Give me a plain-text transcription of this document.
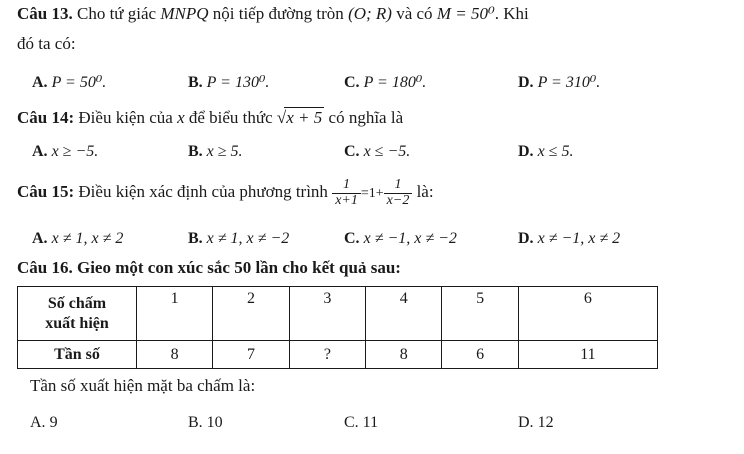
Câu 13. Cho tứ giác MNPQ nội tiếp đường tròn (O; R) và có M = 50⁰. Khi
đó ta có:
A. P = 50⁰.	B. P = 130⁰.	C. P = 180⁰.	D. P = 310⁰.
Câu 14: Điều kiện của x để biểu thức √x + 5 có nghĩa là
A. x ≥ −5.	B. x ≥ 5.	C. x ≤ −5.	D. x ≤ 5.
Câu 15: Điều kiện xác định của phương trình $\frac{1}{x+1} =1+ \frac{1}{x-2}$ là:
A. x ≠ 1, x ≠ 2	B. x ≠ 1, x ≠ −2	C. x ≠ −1, x ≠ −2	D. x ≠ −1, x ≠ 2
Câu 16. Gieo một con xúc sắc 50 lần cho kết quả sau:
Số chấm
xuất hiện	1	2	3	4	5	6
Tần số	8	7	?	8	6	11
Tần số xuất hiện mặt ba chấm là:
A. 9	B. 10	C. 11	D. 12
